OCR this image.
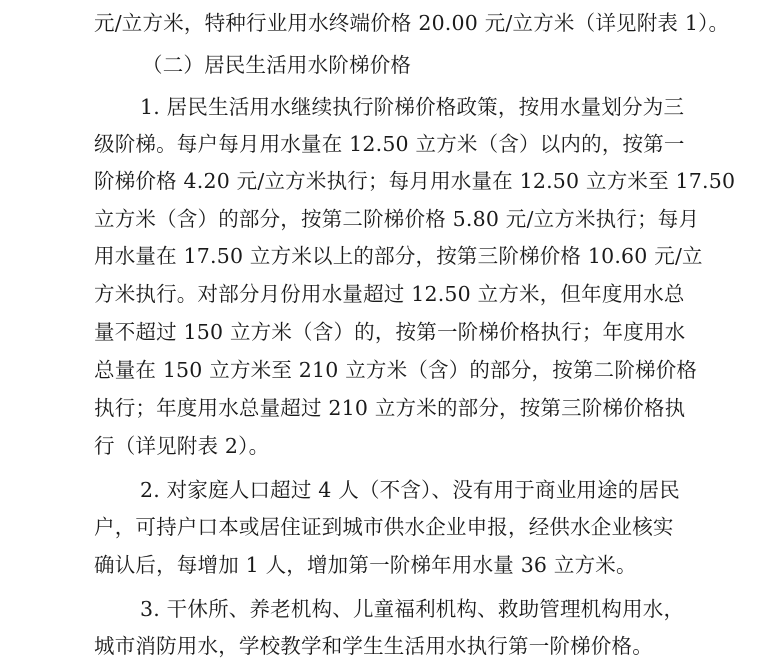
元/立方米，特种行业用水终端价格 20.00 元/立方米（详见附表 1）。
（二）居民生活用水阶梯价格
1. 居民生活用水继续执行阶梯价格政策，按用水量划分为三
级阶梯。每户每月用水量在 12.50 立方米（含）以内的，按第一
阶梯价格 4.20 元/立方米执行；每月用水量在 12.50 立方米至 17.50
立方米（含）的部分，按第二阶梯价格 5.80 元/立方米执行；每月
用水量在 17.50 立方米以上的部分，按第三阶梯价格 10.60 元/立
方米执行。对部分月份用水量超过 12.50 立方米，但年度用水总
量不超过 150 立方米（含）的，按第一阶梯价格执行；年度用水
总量在 150 立方米至 210 立方米（含）的部分，按第二阶梯价格
执行；年度用水总量超过 210 立方米的部分，按第三阶梯价格执
行（详见附表 2）。
2. 对家庭人口超过 4 人（不含）、没有用于商业用途的居民
户，可持户口本或居住证到城市供水企业申报，经供水企业核实
确认后，每增加 1 人，增加第一阶梯年用水量 36 立方米。
3. 干休所、养老机构、儿童福利机构、救助管理机构用水，
城市消防用水，学校教学和学生生活用水执行第一阶梯价格。
